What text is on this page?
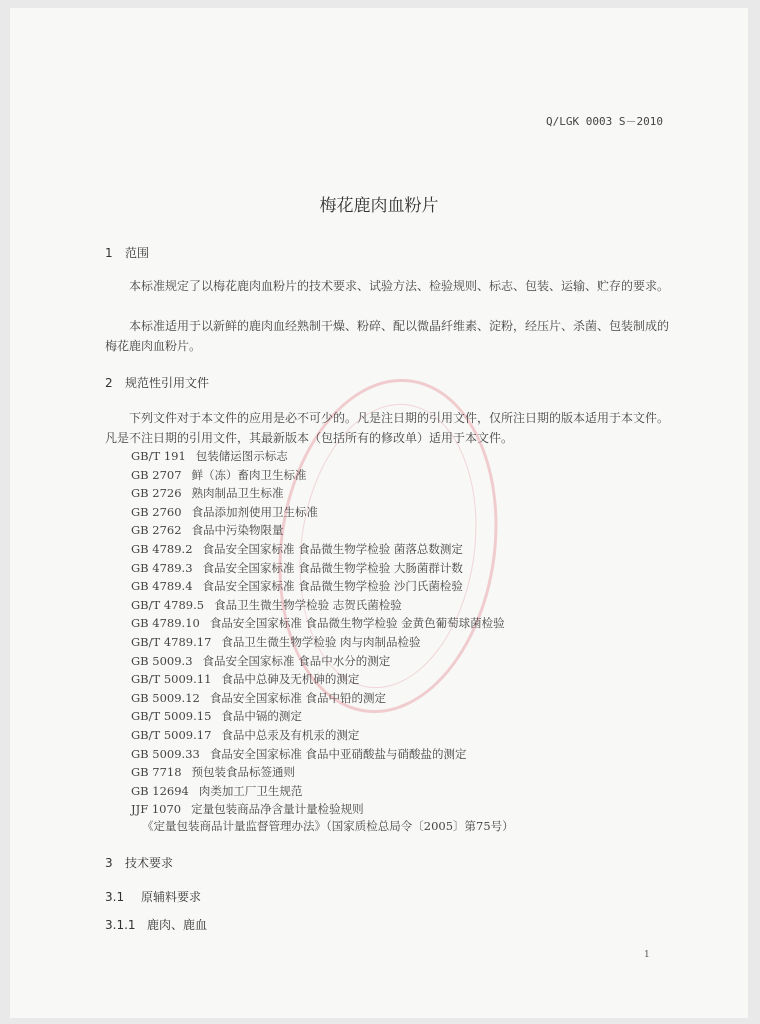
Q/LGK 0003 S－2010
梅花鹿肉血粉片
1 范围
本标准规定了以梅花鹿肉血粉片的技术要求、试验方法、检验规则、标志、包装、运输、贮存的要求。
本标准适用于以新鲜的鹿肉血经熟制干燥、粉碎、配以微晶纤维素、淀粉，经压片、杀菌、包装制成的梅花鹿肉血粉片。
2 规范性引用文件
下列文件对于本文件的应用是必不可少的。凡是注日期的引用文件，仅所注日期的版本适用于本文件。凡是不注日期的引用文件，其最新版本（包括所有的修改单）适用于本文件。
GB/T 191 包装储运图示标志
GB 2707 鲜（冻）畜肉卫生标准
GB 2726 熟肉制品卫生标准
GB 2760 食品添加剂使用卫生标准
GB 2762 食品中污染物限量
GB 4789.2 食品安全国家标准 食品微生物学检验 菌落总数测定
GB 4789.3 食品安全国家标准 食品微生物学检验 大肠菌群计数
GB 4789.4 食品安全国家标准 食品微生物学检验 沙门氏菌检验
GB/T 4789.5 食品卫生微生物学检验 志贺氏菌检验
GB 4789.10 食品安全国家标准 食品微生物学检验 金黄色葡萄球菌检验
GB/T 4789.17 食品卫生微生物学检验 肉与肉制品检验
GB 5009.3 食品安全国家标准 食品中水分的测定
GB/T 5009.11 食品中总砷及无机砷的测定
GB 5009.12 食品安全国家标准 食品中铅的测定
GB/T 5009.15 食品中镉的测定
GB/T 5009.17 食品中总汞及有机汞的测定
GB 5009.33 食品安全国家标准 食品中亚硝酸盐与硝酸盐的测定
GB 7718 预包装食品标签通则
GB 12694 肉类加工厂卫生规范
JJF 1070 定量包装商品净含量计量检验规则
《定量包装商品计量监督管理办法》（国家质检总局令〔2005〕第75号）
3 技术要求
3.1 原辅料要求
3.1.1 鹿肉、鹿血
1
